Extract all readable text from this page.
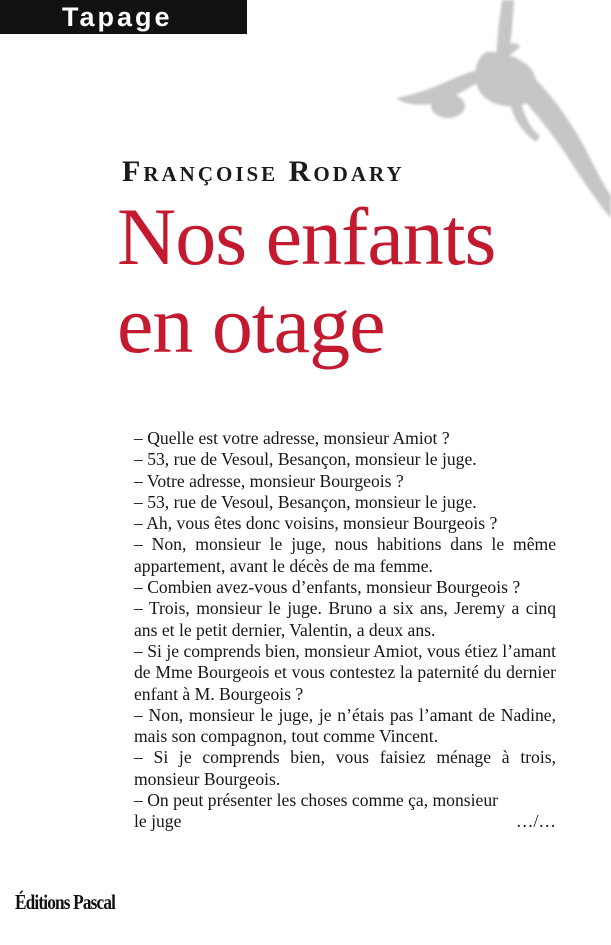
Tapage
Françoise Rodary
Nos enfants
en otage

– Quelle est votre adresse, monsieur Amiot ?

– 53, rue de Vesoul, Besançon, monsieur le juge.

– Votre adresse, monsieur Bourgeois ?

– 53, rue de Vesoul, Besançon, monsieur le juge.

– Ah, vous êtes donc voisins, monsieur Bourgeois ?

– Non, monsieur le juge, nous habitions dans le même appartement, avant le décès de ma femme.

– Combien avez-vous d’enfants, monsieur Bourgeois ?

– Trois, monsieur le juge. Bruno a six ans, Jeremy a cinq ans et le petit dernier, Valentin, a deux ans.

– Si je comprends bien, monsieur Amiot, vous étiez l’amant de Mme Bourgeois et vous contestez la paternité du dernier enfant à M. Bourgeois ?

– Non, monsieur le juge, je n’étais pas l’amant de Nadine, mais son compagnon, tout comme Vincent.

– Si je comprends bien, vous faisiez ménage à trois, monsieur Bourgeois.

– On peut présenter les choses comme ça, monsieur

le juge	…/…
Éditions Pascal
